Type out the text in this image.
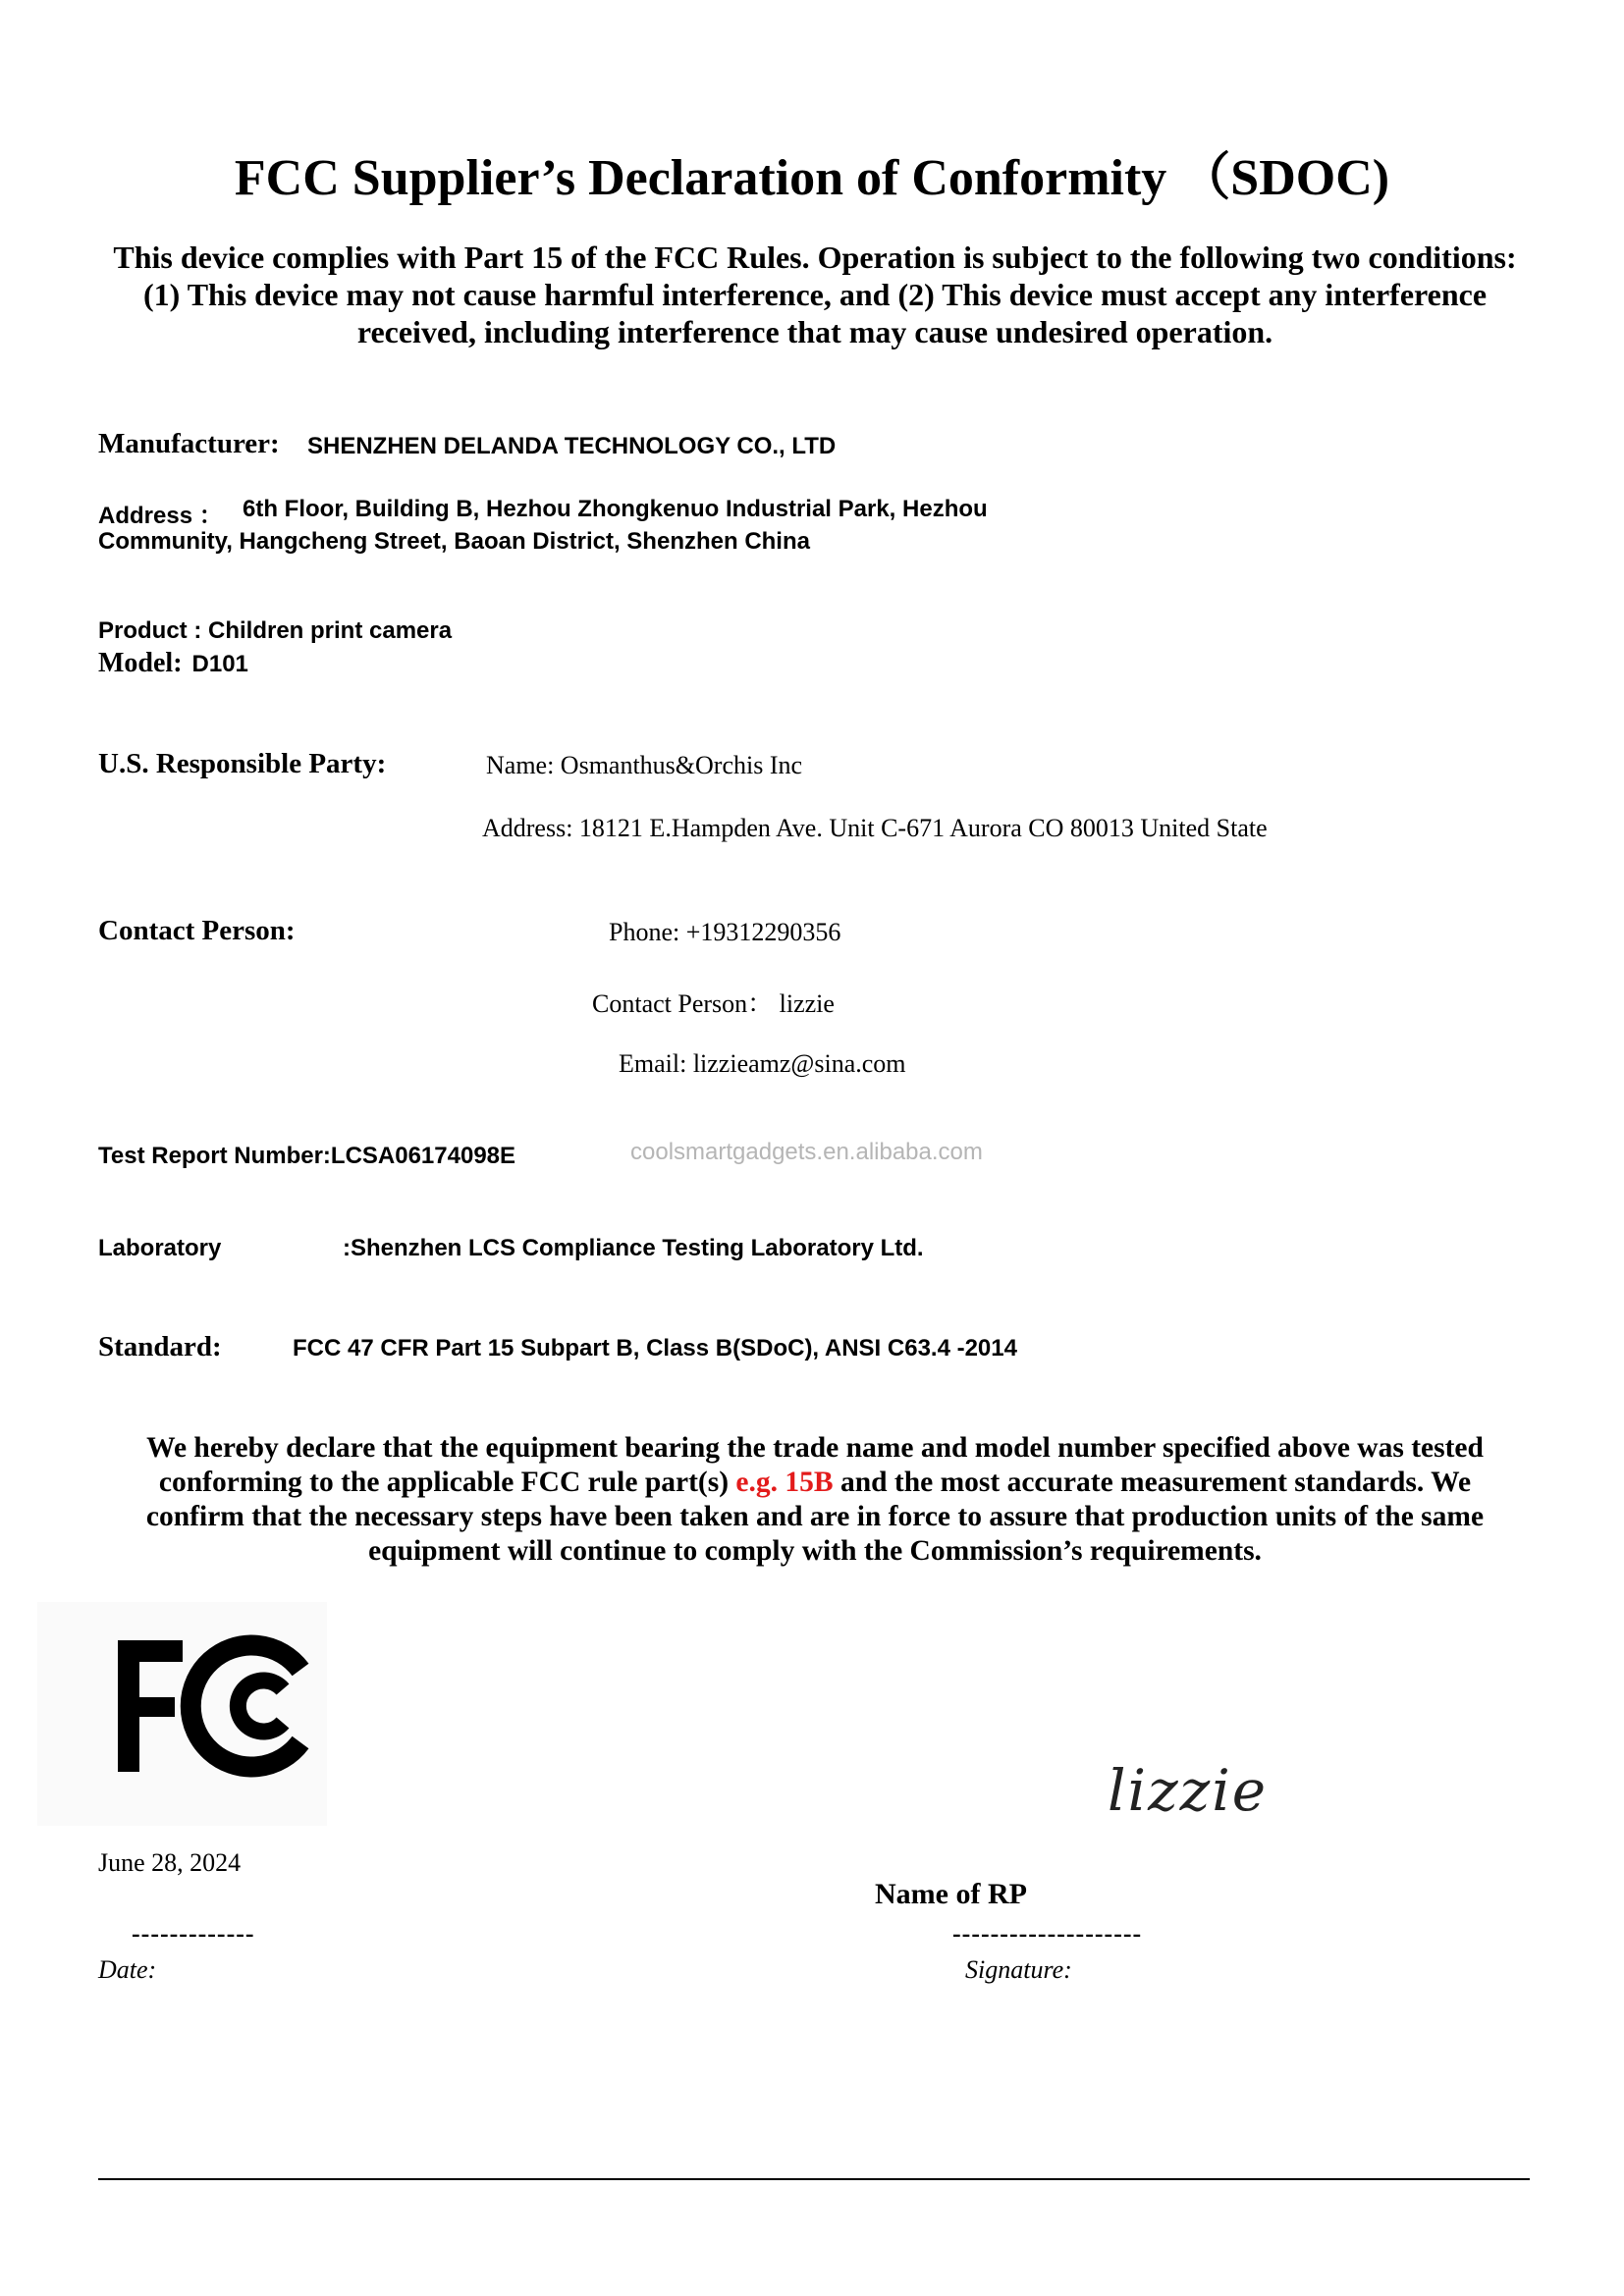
FCC Supplier’s Declaration of Conformity （SDOC)
This device complies with Part 15 of the FCC Rules. Operation is subject to the following two conditions: (1) This device may not cause harmful interference, and (2) This device must accept any interference received, including interference that may cause undesired operation.
Manufacturer: SHENZHEN DELANDA TECHNOLOGY CO., LTD
Address ： 6th Floor, Building B, Hezhou Zhongkenuo Industrial Park, Hezhou
Community, Hangcheng Street, Baoan District, Shenzhen China
Product : Children print camera
Model: D101
U.S. Responsible Party:	Name: Osmanthus&Orchis Inc
Address: 18121 E.Hampden Ave. Unit C-671 Aurora CO 80013 United State
Contact Person:	Phone: +19312290356
Contact Person： lizzie
Email: lizzieamz@sina.com
Test Report Number:LCSA06174098E	coolsmartgadgets.en.alibaba.com
Laboratory	:Shenzhen LCS Compliance Testing Laboratory Ltd.
Standard:	FCC 47 CFR Part 15 Subpart B, Class B(SDoC), ANSI C63.4 -2014
We hereby declare that the equipment bearing the trade name and model number specified above was tested conforming to the applicable FCC rule part(s) e.g. 15B and the most accurate measurement standards. We confirm that the necessary steps have been taken and are in force to assure that production units of the same equipment will continue to comply with the Commission’s requirements.
lizzie
June 28, 2024
Name of RP
-------------	--------------------
Date:	Signature:
